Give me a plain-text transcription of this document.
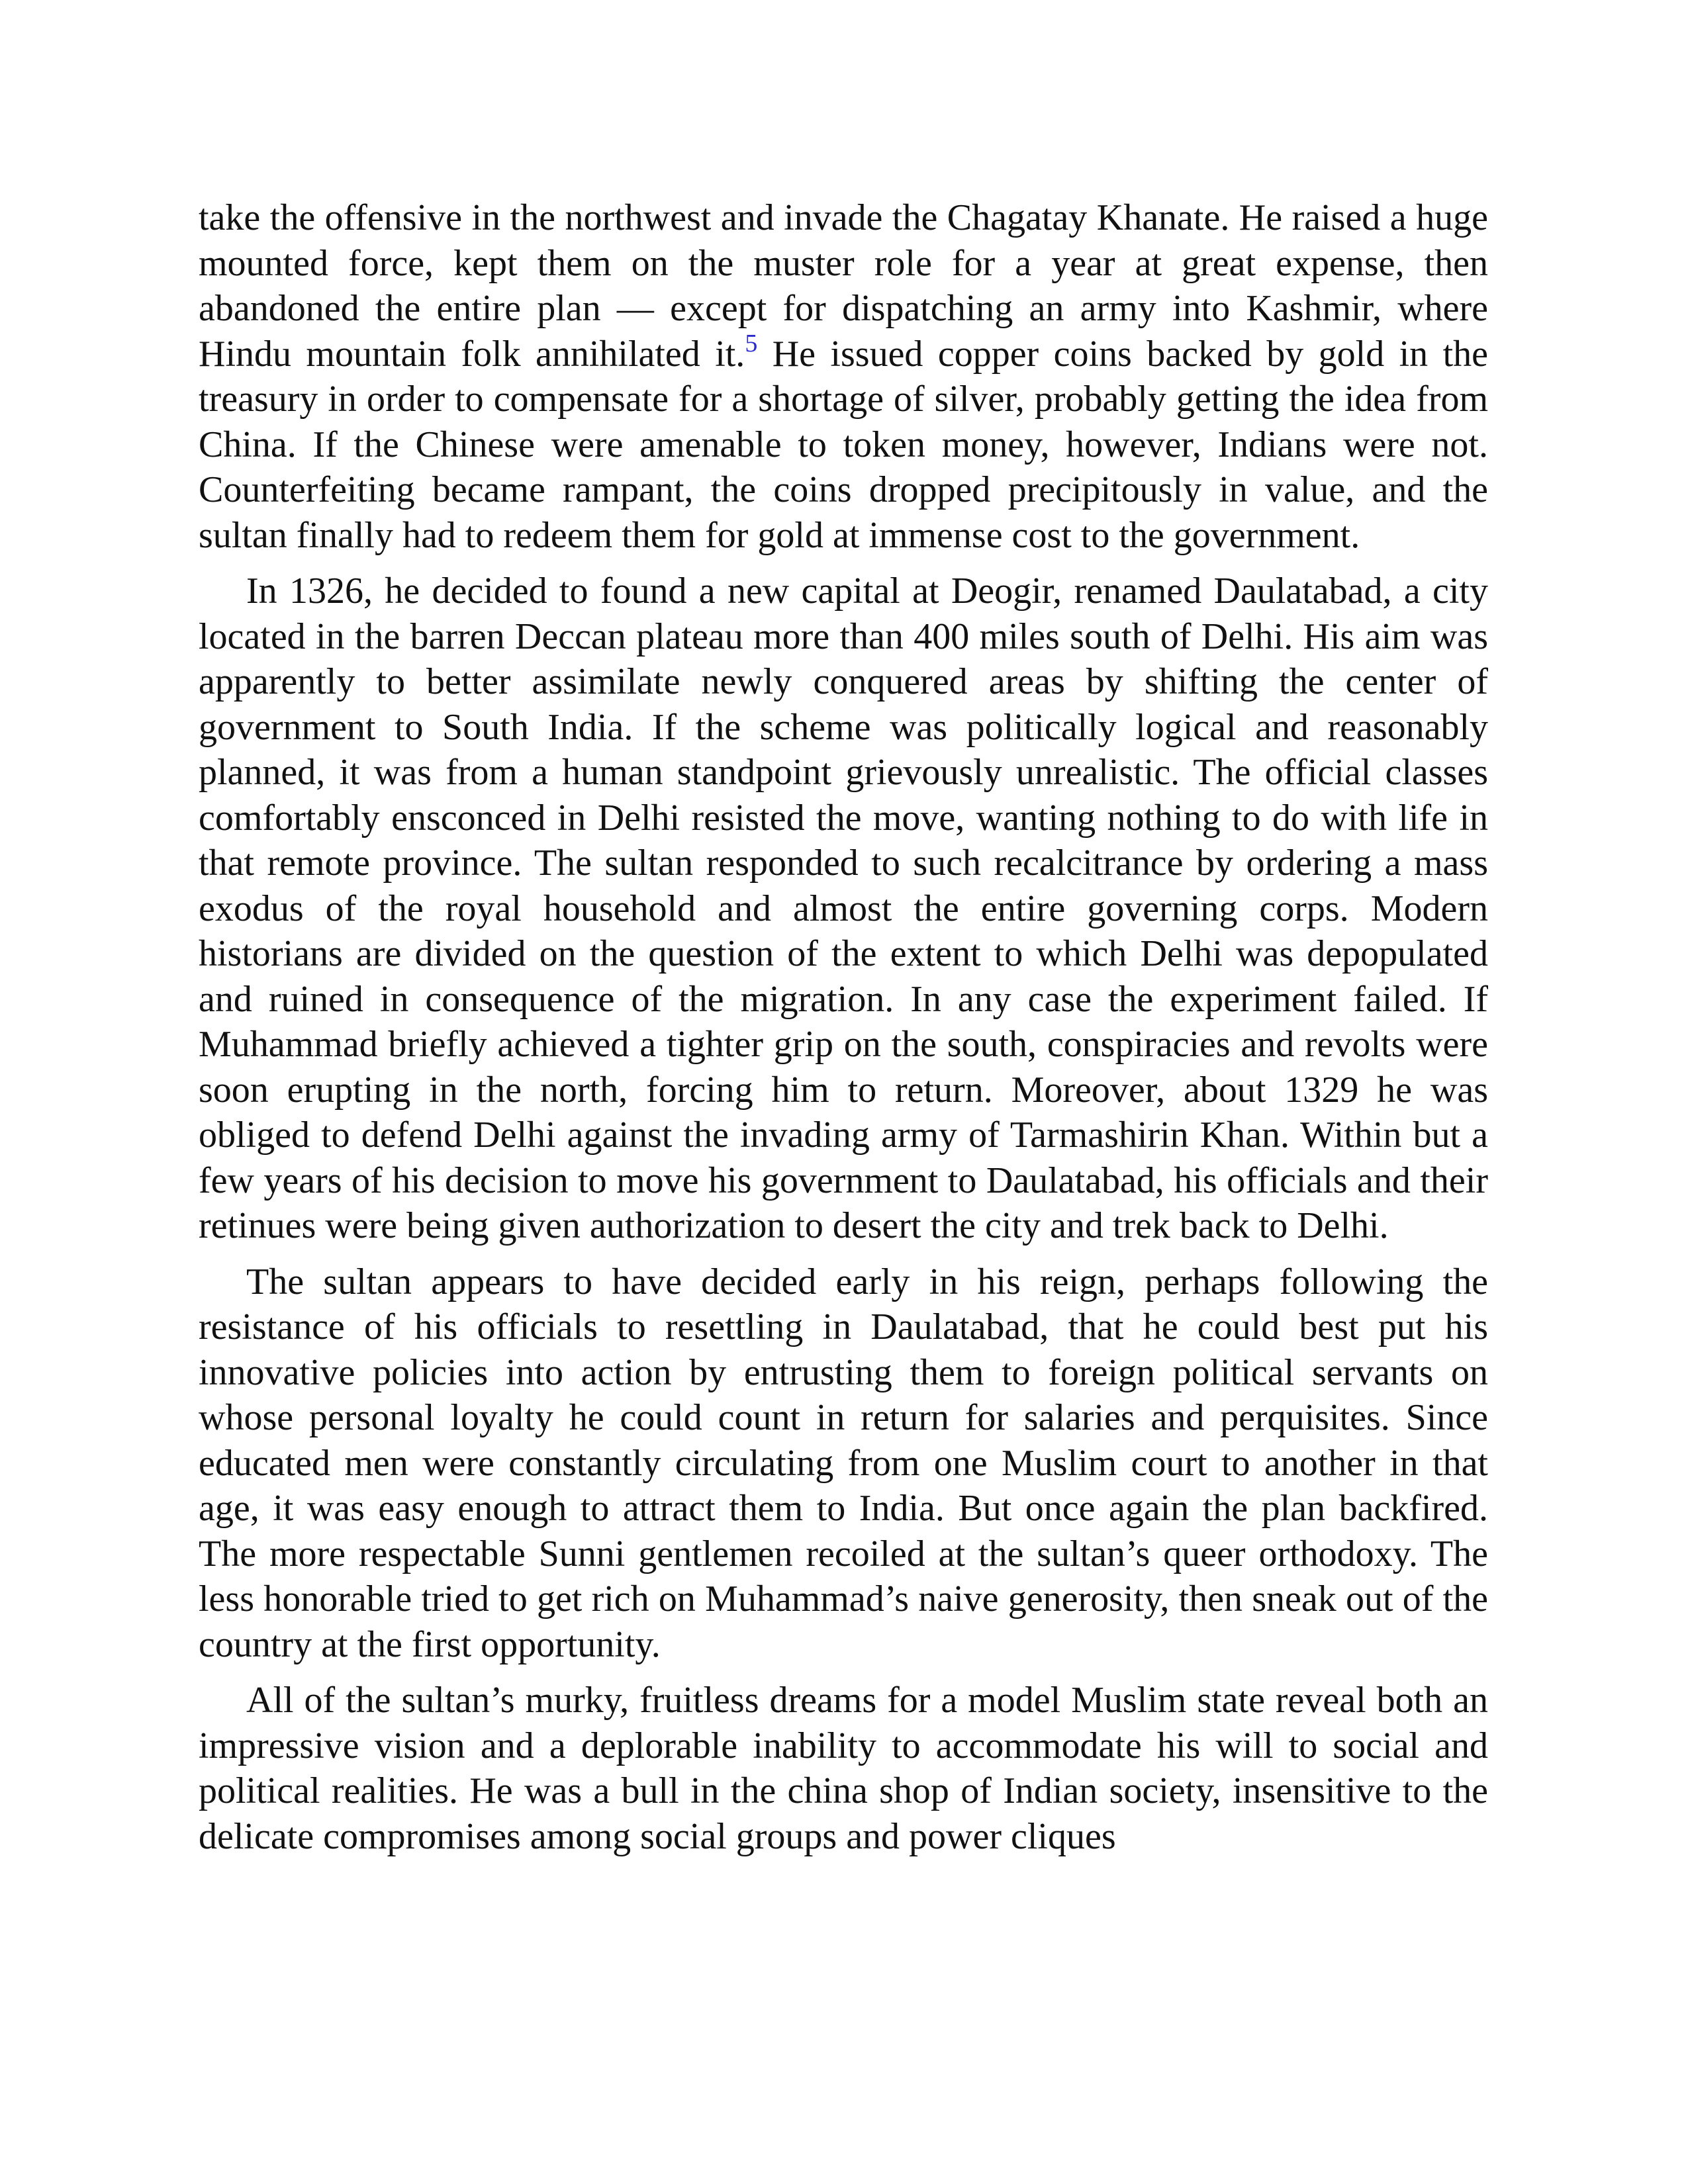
take the offensive in the northwest and invade the Chagatay Khanate. He raised a huge mounted force, kept them on the muster role for a year at great expense, then abandoned the entire plan — except for dispatching an army into Kashmir, where Hindu mountain folk annihilated it.$^5$ He issued copper coins backed by gold in the treasury in order to compensate for a shortage of silver, probably getting the idea from China. If the Chinese were amenable to token money, however, Indians were not. Counterfeiting became rampant, the coins dropped precipitously in value, and the sultan finally had to redeem them for gold at immense cost to the government.

In 1326, he decided to found a new capital at Deogir, renamed Daulatabad, a city located in the barren Deccan plateau more than 400 miles south of Delhi. His aim was apparently to better assimilate newly conquered areas by shifting the center of government to South India. If the scheme was politically logical and reasonably planned, it was from a human standpoint grievously unrealistic. The official classes comfortably ensconced in Delhi resisted the move, wanting nothing to do with life in that remote province. The sultan responded to such recalcitrance by ordering a mass exodus of the royal household and almost the entire governing corps. Modern historians are divided on the question of the extent to which Delhi was depopulated and ruined in consequence of the migration. In any case the experiment failed. If Muhammad briefly achieved a tighter grip on the south, conspiracies and revolts were soon erupting in the north, forcing him to return. Moreover, about 1329 he was obliged to defend Delhi against the invading army of Tarmashirin Khan. Within but a few years of his decision to move his government to Daulatabad, his officials and their retinues were being given authorization to desert the city and trek back to Delhi.

The sultan appears to have decided early in his reign, perhaps following the resistance of his officials to resettling in Daulatabad, that he could best put his innovative policies into action by entrusting them to foreign political servants on whose personal loyalty he could count in return for salaries and perquisites. Since educated men were constantly circulating from one Muslim court to another in that age, it was easy enough to attract them to India. But once again the plan backfired. The more respectable Sunni gentlemen recoiled at the sultan’s queer orthodoxy. The less honorable tried to get rich on Muhammad’s naive generosity, then sneak out of the country at the first opportunity.

All of the sultan’s murky, fruitless dreams for a model Muslim state reveal both an impressive vision and a deplorable inability to accommodate his will to social and political realities. He was a bull in the china shop of Indian society, insensitive to the delicate compromises among social groups and power cliques
